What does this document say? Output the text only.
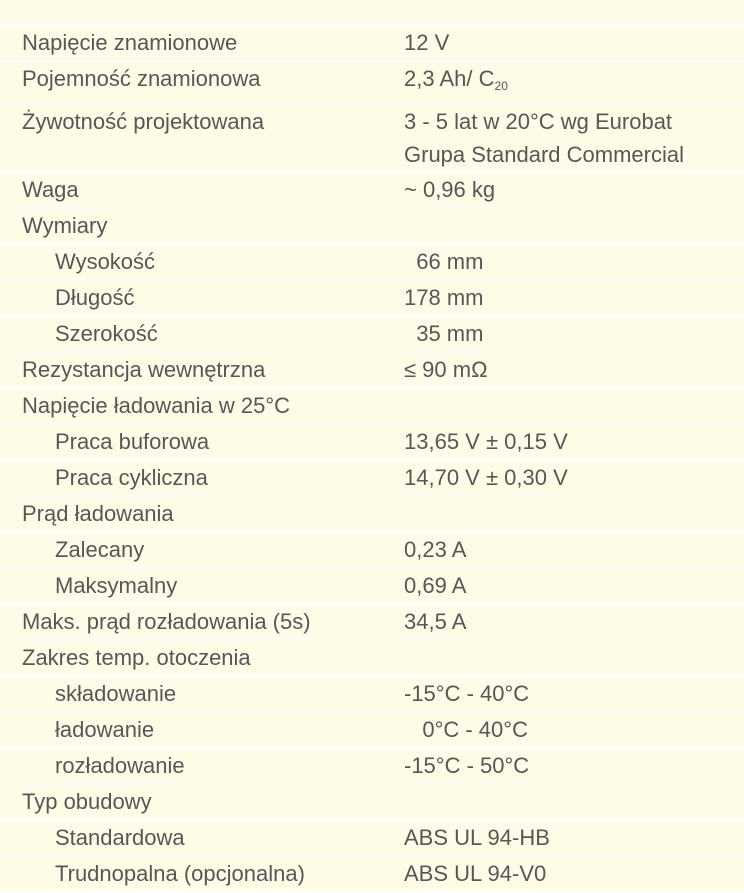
Napięcie znamionowe	12 V
Pojemność znamionowa	2,3 Ah/ C20
Żywotność projektowana	3 - 5 lat w 20°C wg Eurobat
Grupa Standard Commercial

Waga	~ 0,96 kg
Wymiary	
Wysokość	66 mm
Długość	178 mm
Szerokość	35 mm
Rezystancja wewnętrzna	≤ 90 mΩ
Napięcie ładowania w 25°C	
Praca buforowa	13,65 V ± 0,15 V
Praca cykliczna	14,70 V ± 0,30 V
Prąd ładowania	
Zalecany	0,23 A
Maksymalny	0,69 A
Maks. prąd rozładowania (5s)	34,5 A
Zakres temp. otoczenia	
składowanie	-15°C - 40°C
ładowanie	0°C - 40°C
rozładowanie	-15°C - 50°C
Typ obudowy	
Standardowa	ABS UL 94-HB
Trudnopalna (opcjonalna)	ABS UL 94-V0
